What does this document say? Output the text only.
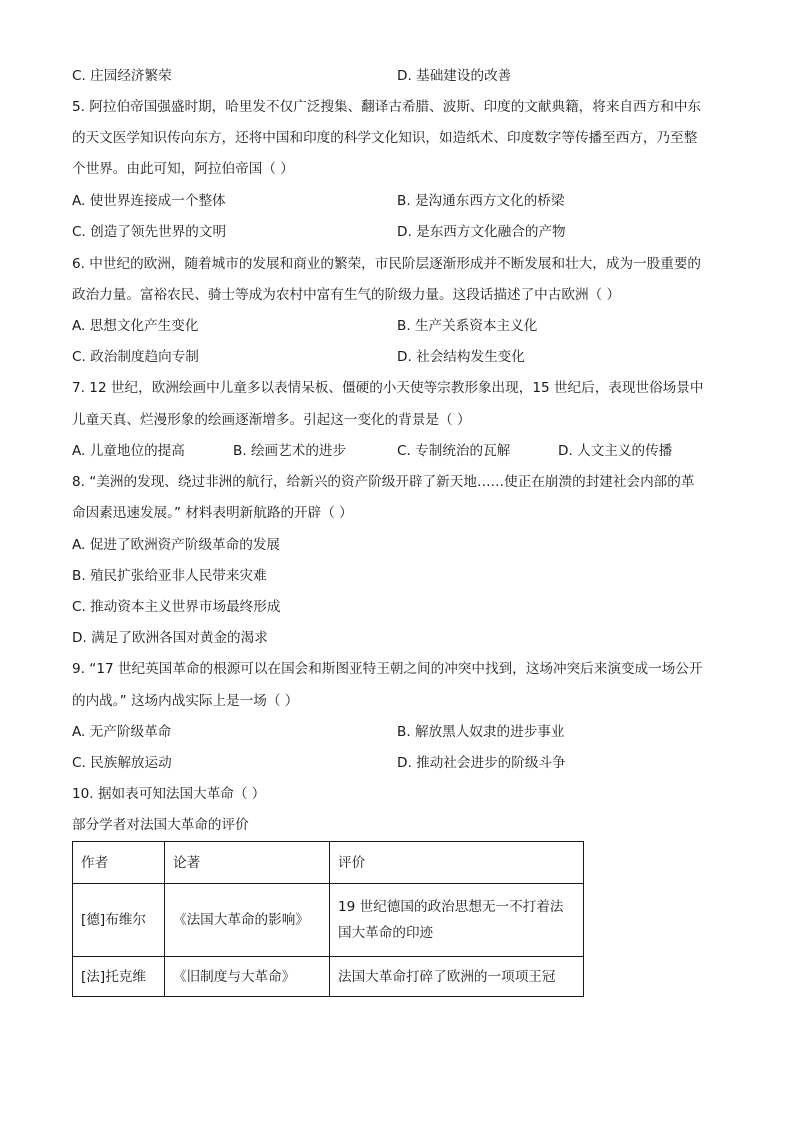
C. 庄园经济繁荣	D. 基础建设的改善
5. 阿拉伯帝国强盛时期，哈里发不仅广泛搜集、翻译古希腊、波斯、印度的文献典籍，将来自西方和中东
的天文医学知识传向东方，还将中国和印度的科学文化知识，如造纸术、印度数字等传播至西方，乃至整
个世界。由此可知，阿拉伯帝国（ ）
A. 使世界连接成一个整体	B. 是沟通东西方文化的桥梁
C. 创造了领先世界的文明	D. 是东西方文化融合的产物
6. 中世纪的欧洲，随着城市的发展和商业的繁荣，市民阶层逐渐形成并不断发展和壮大，成为一股重要的
政治力量。富裕农民、骑士等成为农村中富有生气的阶级力量。这段话描述了中古欧洲（ ）
A. 思想文化产生变化	B. 生产关系资本主义化
C. 政治制度趋向专制	D. 社会结构发生变化
7. 12 世纪，欧洲绘画中儿童多以表情呆板、僵硬的小天使等宗教形象出现，15 世纪后，表现世俗场景中
儿童天真、烂漫形象的绘画逐渐增多。引起这一变化的背景是（ ）
A. 儿童地位的提高	B. 绘画艺术的进步	C. 专制统治的瓦解	D. 人文主义的传播
8. “美洲的发现、绕过非洲的航行，给新兴的资产阶级开辟了新天地……使正在崩溃的封建社会内部的革
命因素迅速发展。” 材料表明新航路的开辟（ ）
A. 促进了欧洲资产阶级革命的发展
B. 殖民扩张给亚非人民带来灾难
C. 推动资本主义世界市场最终形成
D. 满足了欧洲各国对黄金的渴求
9. “17 世纪英国革命的根源可以在国会和斯图亚特王朝之间的冲突中找到，这场冲突后来演变成一场公开
的内战。” 这场内战实际上是一场（ ）
A. 无产阶级革命	B. 解放黑人奴隶的进步事业
C. 民族解放运动	D. 推动社会进步的阶级斗争
10. 据如表可知法国大革命（ ）
部分学者对法国大革命的评价
作者	论著	评价
[德]布维尔	《法国大革命的影响》	19 世纪德国的政治思想无一不打着法国大革命的印迹
[法]托克维	《旧制度与大革命》	法国大革命打碎了欧洲的一项项王冠
